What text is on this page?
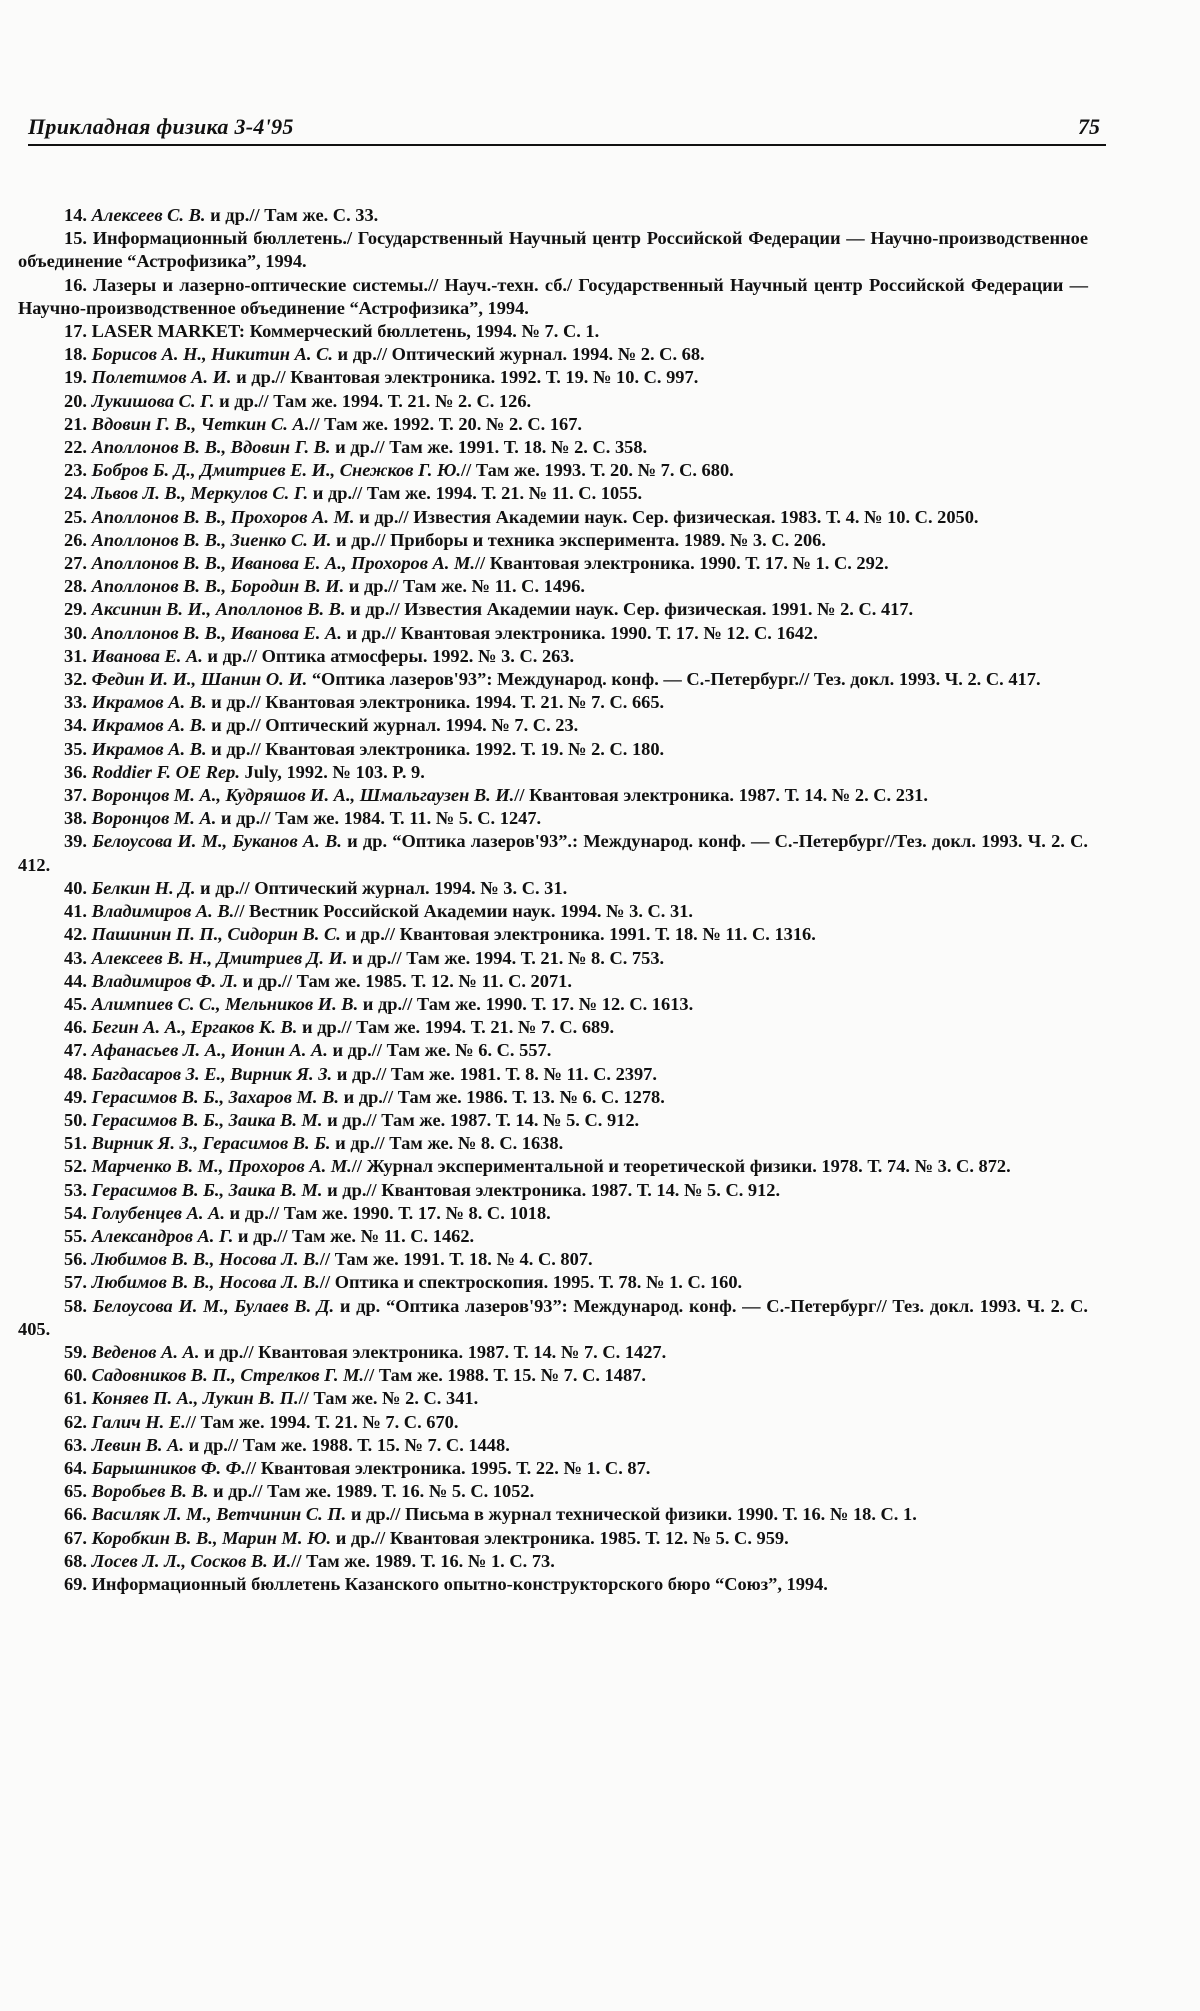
Прикладная физика 3-4'95	75
14. Алексеев С. В. и др.// Там же. С. 33.
15. Информационный бюллетень./ Государственный Научный центр Российской Федерации — Научно-производственное объединение “Астрофизика”, 1994.
16. Лазеры и лазерно-оптические системы.// Науч.-техн. сб./ Государственный Научный центр Российской Федерации — Научно-производственное объединение “Астрофизика”, 1994.
17. LASER MARKET: Коммерческий бюллетень, 1994. № 7. С. 1.
18. Борисов А. Н., Никитин А. С. и др.// Оптический журнал. 1994. № 2. С. 68.
19. Полетимов А. И. и др.// Квантовая электроника. 1992. Т. 19. № 10. С. 997.
20. Лукишова С. Г. и др.// Там же. 1994. Т. 21. № 2. С. 126.
21. Вдовин Г. В., Четкин С. А.// Там же. 1992. Т. 20. № 2. С. 167.
22. Аполлонов В. В., Вдовин Г. В. и др.// Там же. 1991. Т. 18. № 2. С. 358.
23. Бобров Б. Д., Дмитриев Е. И., Снежков Г. Ю.// Там же. 1993. Т. 20. № 7. С. 680.
24. Львов Л. В., Меркулов С. Г. и др.// Там же. 1994. Т. 21. № 11. С. 1055.
25. Аполлонов В. В., Прохоров А. М. и др.// Известия Академии наук. Сер. физическая. 1983. Т. 4. № 10. С. 2050.
26. Аполлонов В. В., Зиенко С. И. и др.// Приборы и техника эксперимента. 1989. № 3. С. 206.
27. Аполлонов В. В., Иванова Е. А., Прохоров А. М.// Квантовая электроника. 1990. Т. 17. № 1. С. 292.
28. Аполлонов В. В., Бородин В. И. и др.// Там же. № 11. С. 1496.
29. Аксинин В. И., Аполлонов В. В. и др.// Известия Академии наук. Сер. физическая. 1991. № 2. С. 417.
30. Аполлонов В. В., Иванова Е. А. и др.// Квантовая электроника. 1990. Т. 17. № 12. С. 1642.
31. Иванова Е. А. и др.// Оптика атмосферы. 1992. № 3. С. 263.
32. Федин И. И., Шанин О. И. “Оптика лазеров'93”: Международ. конф. — С.-Петербург.// Тез. докл. 1993. Ч. 2. С. 417.
33. Икрамов А. В. и др.// Квантовая электроника. 1994. Т. 21. № 7. С. 665.
34. Икрамов А. В. и др.// Оптический журнал. 1994. № 7. С. 23.
35. Икрамов А. В. и др.// Квантовая электроника. 1992. Т. 19. № 2. С. 180.
36. Roddier F. OE Rep. July, 1992. № 103. P. 9.
37. Воронцов М. А., Кудряшов И. А., Шмальгаузен В. И.// Квантовая электроника. 1987. Т. 14. № 2. С. 231.
38. Воронцов М. А. и др.// Там же. 1984. Т. 11. № 5. С. 1247.
39. Белоусова И. М., Буканов А. В. и др. “Оптика лазеров'93”.: Международ. конф. — С.-Петербург//Тез. докл. 1993. Ч. 2. С. 412.
40. Белкин Н. Д. и др.// Оптический журнал. 1994. № 3. С. 31.
41. Владимиров А. В.// Вестник Российской Академии наук. 1994. № 3. С. 31.
42. Пашинин П. П., Сидорин В. С. и др.// Квантовая электроника. 1991. Т. 18. № 11. С. 1316.
43. Алексеев В. Н., Дмитриев Д. И. и др.// Там же. 1994. Т. 21. № 8. С. 753.
44. Владимиров Ф. Л. и др.// Там же. 1985. Т. 12. № 11. С. 2071.
45. Алимпиев С. С., Мельников И. В. и др.// Там же. 1990. Т. 17. № 12. С. 1613.
46. Бегин А. А., Ергаков К. В. и др.// Там же. 1994. Т. 21. № 7. С. 689.
47. Афанасьев Л. А., Ионин А. А. и др.// Там же. № 6. С. 557.
48. Багдасаров З. Е., Вирник Я. З. и др.// Там же. 1981. Т. 8. № 11. С. 2397.
49. Герасимов В. Б., Захаров М. В. и др.// Там же. 1986. Т. 13. № 6. С. 1278.
50. Герасимов В. Б., Заика В. М. и др.// Там же. 1987. Т. 14. № 5. С. 912.
51. Вирник Я. З., Герасимов В. Б. и др.// Там же. № 8. С. 1638.
52. Марченко В. М., Прохоров А. М.// Журнал экспериментальной и теоретической физики. 1978. Т. 74. № 3. С. 872.
53. Герасимов В. Б., Заика В. М. и др.// Квантовая электроника. 1987. Т. 14. № 5. С. 912.
54. Голубенцев А. А. и др.// Там же. 1990. Т. 17. № 8. С. 1018.
55. Александров А. Г. и др.// Там же. № 11. С. 1462.
56. Любимов В. В., Носова Л. В.// Там же. 1991. Т. 18. № 4. С. 807.
57. Любимов В. В., Носова Л. В.// Оптика и спектроскопия. 1995. Т. 78. № 1. С. 160.
58. Белоусова И. М., Булаев В. Д. и др. “Оптика лазеров'93”: Международ. конф. — С.-Петербург// Тез. докл. 1993. Ч. 2. С. 405.
59. Веденов А. А. и др.// Квантовая электроника. 1987. Т. 14. № 7. С. 1427.
60. Садовников В. П., Стрелков Г. М.// Там же. 1988. Т. 15. № 7. С. 1487.
61. Коняев П. А., Лукин В. П.// Там же. № 2. С. 341.
62. Галич Н. Е.// Там же. 1994. Т. 21. № 7. С. 670.
63. Левин В. А. и др.// Там же. 1988. Т. 15. № 7. С. 1448.
64. Барышников Ф. Ф.// Квантовая электроника. 1995. Т. 22. № 1. С. 87.
65. Воробьев В. В. и др.// Там же. 1989. Т. 16. № 5. С. 1052.
66. Василяк Л. М., Ветчинин С. П. и др.// Письма в журнал технической физики. 1990. Т. 16. № 18. С. 1.
67. Коробкин В. В., Марин М. Ю. и др.// Квантовая электроника. 1985. Т. 12. № 5. С. 959.
68. Лосев Л. Л., Сосков В. И.// Там же. 1989. Т. 16. № 1. С. 73.
69. Информационный бюллетень Казанского опытно-конструкторского бюро “Союз”, 1994.
